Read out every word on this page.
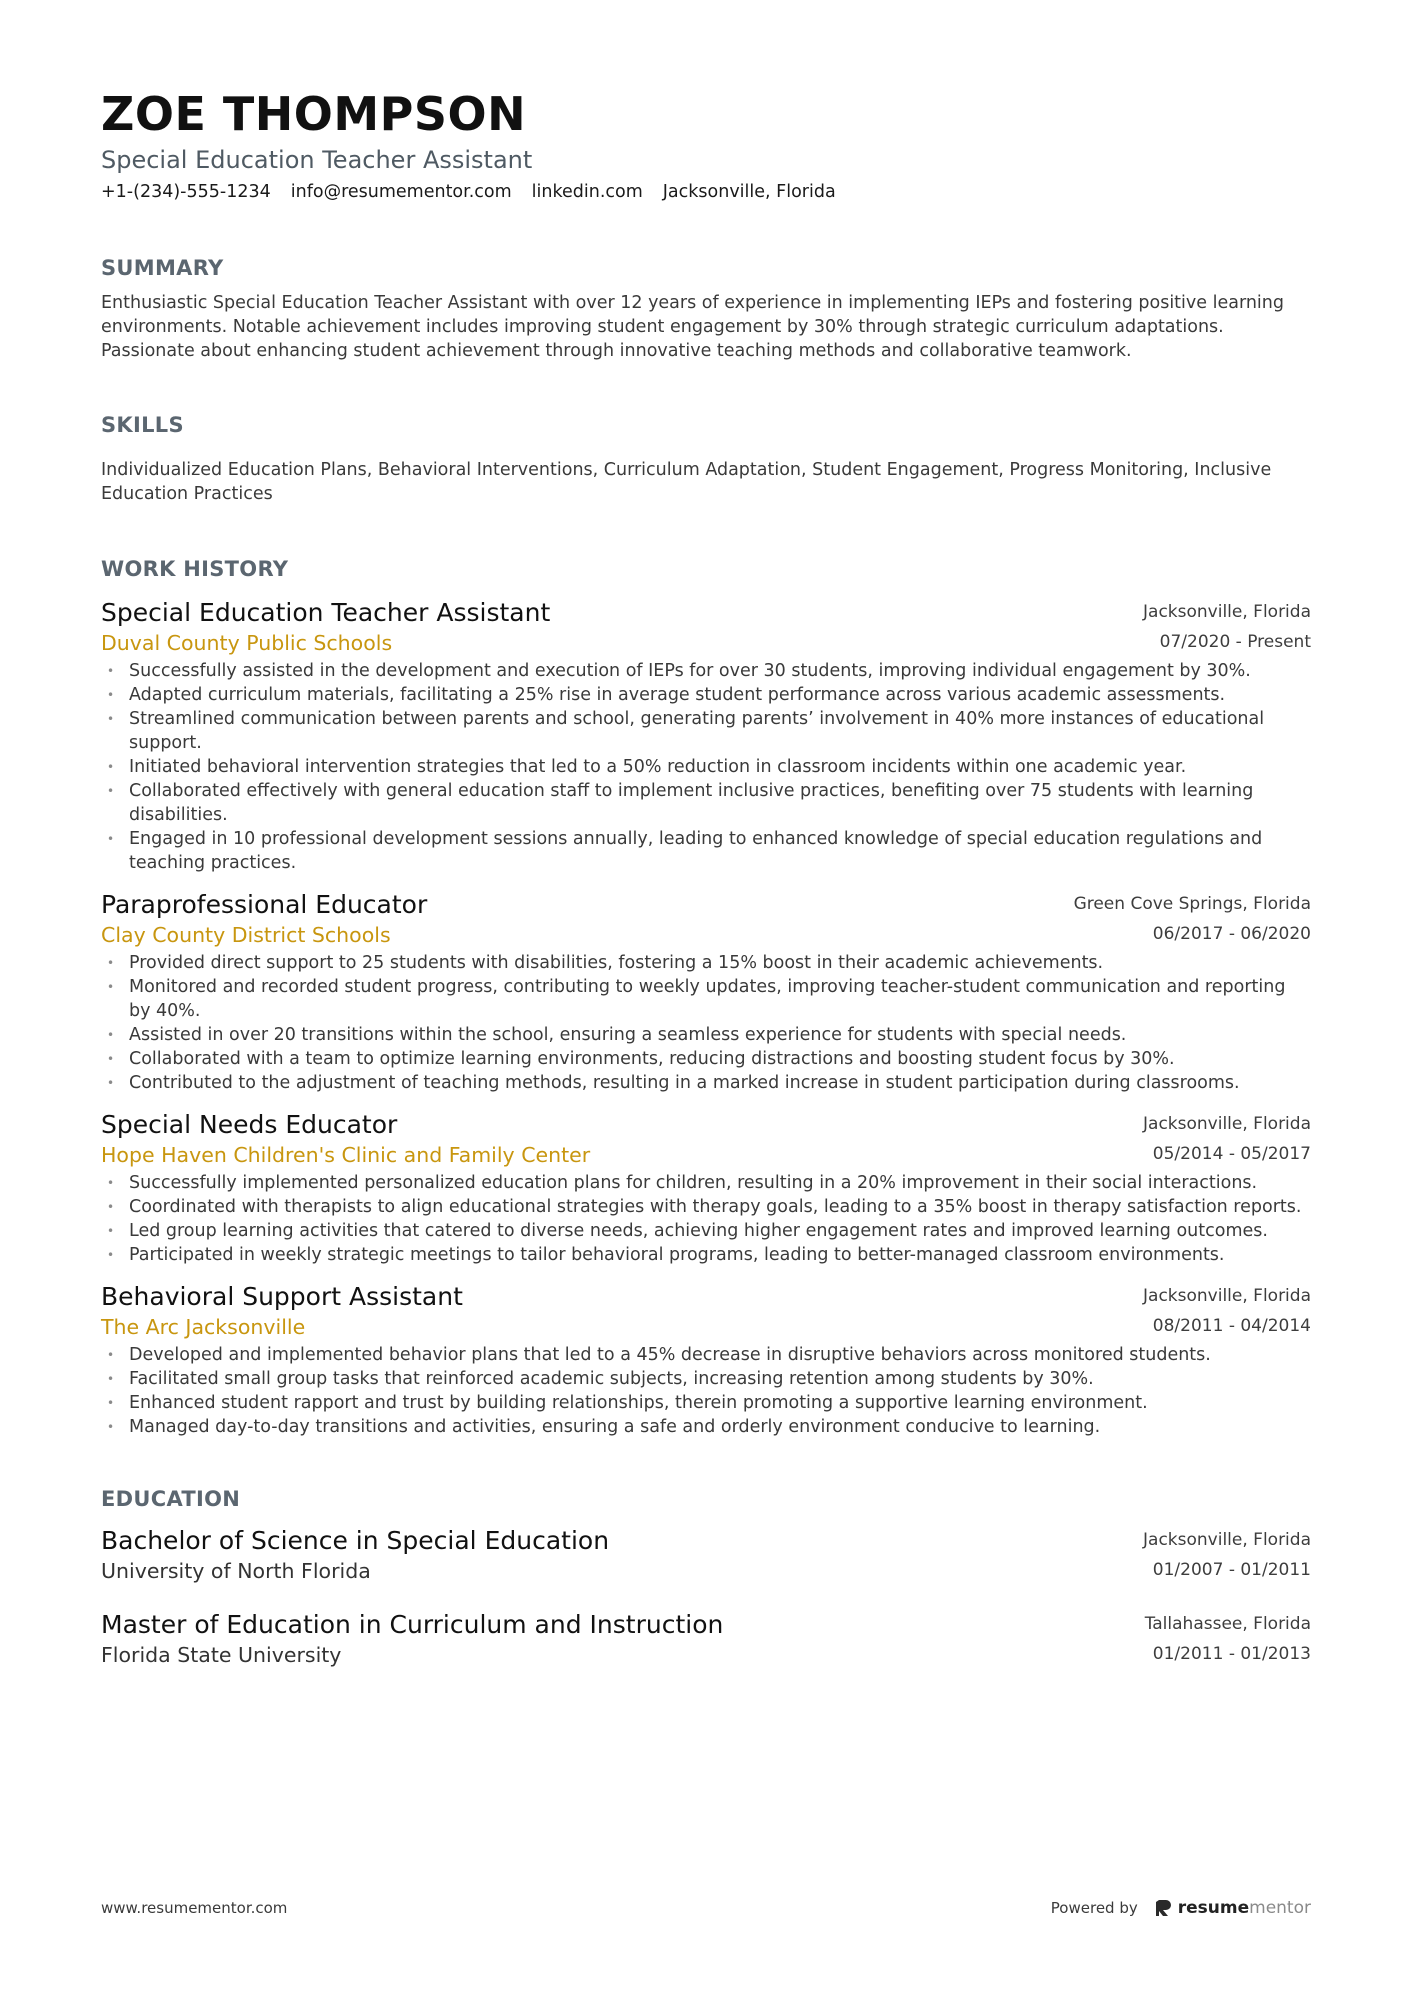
ZOE THOMPSON
Special Education Teacher Assistant
+1-(234)-555-1234 info@resumementor.com linkedin.com Jacksonville, Florida
SUMMARY

Enthusiastic Special Education Teacher Assistant with over 12 years of experience in implementing IEPs and fostering positive learning environments. Notable achievement includes improving student engagement by 30% through strategic curriculum adaptations. Passionate about enhancing student achievement through innovative teaching methods and collaborative teamwork.

SKILLS

Individualized Education Plans, Behavioral Interventions, Curriculum Adaptation, Student Engagement, Progress Monitoring, Inclusive Education Practices

WORK HISTORY
Special Education Teacher Assistant
Duval County Public Schools
Jacksonville, Florida
07/2020 - Present
• Successfully assisted in the development and execution of IEPs for over 30 students, improving individual engagement by 30%.
• Adapted curriculum materials, facilitating a 25% rise in average student performance across various academic assessments.
• Streamlined communication between parents and school, generating parents’ involvement in 40% more instances of educational support.
• Initiated behavioral intervention strategies that led to a 50% reduction in classroom incidents within one academic year.
• Collaborated effectively with general education staff to implement inclusive practices, benefiting over 75 students with learning disabilities.
• Engaged in 10 professional development sessions annually, leading to enhanced knowledge of special education regulations and teaching practices.
Paraprofessional Educator
Clay County District Schools
Green Cove Springs, Florida
06/2017 - 06/2020
• Provided direct support to 25 students with disabilities, fostering a 15% boost in their academic achievements.
• Monitored and recorded student progress, contributing to weekly updates, improving teacher-student communication and reporting by 40%.
• Assisted in over 20 transitions within the school, ensuring a seamless experience for students with special needs.
• Collaborated with a team to optimize learning environments, reducing distractions and boosting student focus by 30%.
• Contributed to the adjustment of teaching methods, resulting in a marked increase in student participation during classrooms.
Special Needs Educator
Hope Haven Children's Clinic and Family Center
Jacksonville, Florida
05/2014 - 05/2017
• Successfully implemented personalized education plans for children, resulting in a 20% improvement in their social interactions.
• Coordinated with therapists to align educational strategies with therapy goals, leading to a 35% boost in therapy satisfaction reports.
• Led group learning activities that catered to diverse needs, achieving higher engagement rates and improved learning outcomes.
• Participated in weekly strategic meetings to tailor behavioral programs, leading to better-managed classroom environments.
Behavioral Support Assistant
The Arc Jacksonville
Jacksonville, Florida
08/2011 - 04/2014
• Developed and implemented behavior plans that led to a 45% decrease in disruptive behaviors across monitored students.
• Facilitated small group tasks that reinforced academic subjects, increasing retention among students by 30%.
• Enhanced student rapport and trust by building relationships, therein promoting a supportive learning environment.
• Managed day-to-day transitions and activities, ensuring a safe and orderly environment conducive to learning.
EDUCATION
Bachelor of Science in Special Education
University of North Florida
Jacksonville, Florida
01/2007 - 01/2011
Master of Education in Curriculum and Instruction
Florida State University
Tallahassee, Florida
01/2011 - 01/2013
www.resumementor.com	Powered by resumementor
